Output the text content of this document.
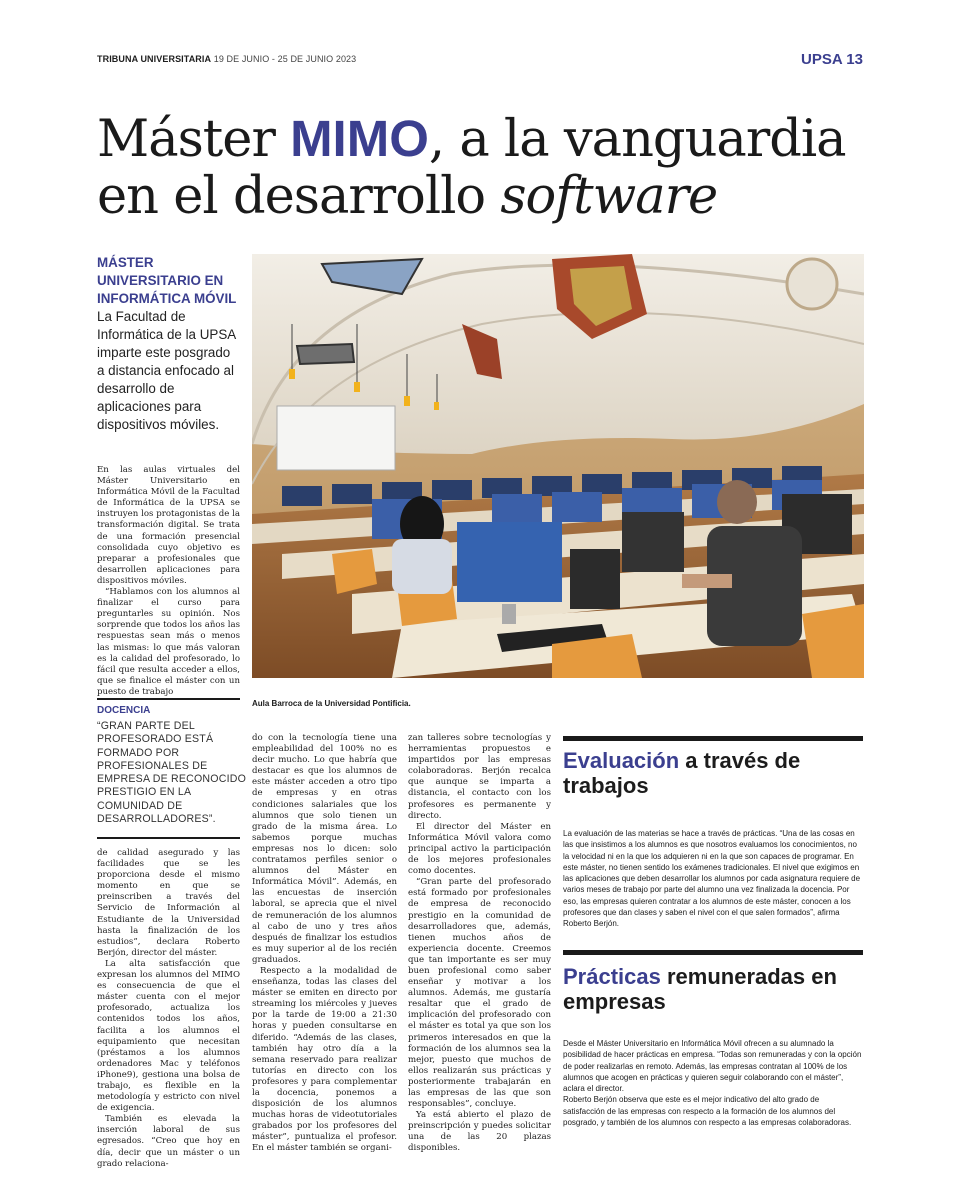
TRIBUNA UNIVERSITARIA 19 DE JUNIO - 25 DE JUNIO 2023	UPSA 13
Máster MIMO, a la vanguardia
en el desarrollo software
MÁSTER UNIVERSITARIO EN INFORMÁTICA MÓVIL La Facultad de Informática de la UPSA imparte este posgrado a distancia enfocado al desarrollo de aplicaciones para dispositivos móviles.

En las aulas virtuales del Máster Universitario en Informática Móvil de la Facultad de Informática de la UPSA se instruyen los protagonistas de la transformación digital. Se trata de una formación presencial consolidada cuyo objetivo es preparar a profesionales que desarrollen aplicaciones para dispositivos móviles.

“Hablamos con los alumnos al finalizar el curso para preguntarles su opinión. Nos sorprende que todos los años las respuestas sean más o menos las mismas: lo que más valoran es la calidad del profesorado, lo fácil que resulta acceder a ellos, que se finalice el máster con un puesto de trabajo

Aula Barroca de la Universidad Pontificia.
DOCENCIA
“GRAN PARTE DEL PROFESORADO ESTÁ FORMADO POR PROFESIONALES DE EMPRESA DE RECONOCIDO PRESTIGIO EN LA COMUNIDAD DE DESARROLLADORES”.

de calidad asegurado y las facilidades que se les proporciona desde el mismo momento en que se preinscriben a través del Servicio de Información al Estudiante de la Universidad hasta la finalización de los estudios”, declara Roberto Berjón, director del máster.

La alta satisfacción que expresan los alumnos del MIMO es consecuencia de que el máster cuenta con el mejor profesorado, actualiza los contenidos todos los años, facilita a los alumnos el equipamiento que necesitan (préstamos a los alumnos ordenadores Mac y teléfonos iPhone9), gestiona una bolsa de trabajo, es flexible en la metodología y estricto con nivel de exigencia.

También es elevada la inserción laboral de sus egresados. “Creo que hoy en día, decir que un máster o un grado relaciona-

do con la tecnología tiene una empleabilidad del 100% no es decir mucho. Lo que habría que destacar es que los alumnos de este máster acceden a otro tipo de empresas y en otras condiciones salariales que los alumnos que solo tienen un grado de la misma área. Lo sabemos porque muchas empresas nos lo dicen: solo contratamos perfiles senior o alumnos del Máster en Informática Móvil”. Además, en las encuestas de inserción laboral, se aprecia que el nivel de remuneración de los alumnos al cabo de uno y tres años después de finalizar los estudios es muy superior al de los recién graduados.

Respecto a la modalidad de enseñanza, todas las clases del máster se emiten en directo por streaming los miércoles y jueves por la tarde de 19:00 a 21:30 horas y pueden consultarse en diferido. “Además de las clases, también hay otro día a la semana reservado para realizar tutorías en directo con los profesores y para complementar la docencia, ponemos a disposición de los alumnos muchas horas de videotutoriales grabados por los profesores del máster”, puntualiza el profesor. En el máster también se organi-

zan talleres sobre tecnologías y herramientas propuestos e impartidos por las empresas colaboradoras. Berjón recalca que aunque se imparta a distancia, el contacto con los profesores es permanente y directo.

El director del Máster en Informática Móvil valora como principal activo la participación de los mejores profesionales como docentes.

“Gran parte del profesorado está formado por profesionales de empresa de reconocido prestigio en la comunidad de desarrolladores que, además, tienen muchos años de experiencia docente. Creemos que tan importante es ser muy buen profesional como saber enseñar y motivar a los alumnos. Además, me gustaría resaltar que el grado de implicación del profesorado con el máster es total ya que son los primeros interesados en que la formación de los alumnos sea la mejor, puesto que muchos de ellos realizarán sus prácticas y posteriormente trabajarán en las empresas de las que son responsables”, concluye.

Ya está abierto el plazo de preinscripción y puedes solicitar una de las 20 plazas disponibles.

Evaluación a través de trabajos
La evaluación de las materias se hace a través de prácticas. “Una de las cosas en las que insistimos a los alumnos es que nosotros evaluamos los conocimientos, no la velocidad ni en la que los adquieren ni en la que son capaces de programar. En este máster, no tienen sentido los exámenes tradicionales. El nivel que exigimos en las aplicaciones que deben desarrollar los alumnos por cada asignatura requiere de varios meses de trabajo por parte del alumno una vez finalizada la docencia. Por eso, las empresas quieren contratar a los alumnos de este máster, conocen a los profesores que dan clases y saben el nivel con el que salen formados”, afirma Roberto Berjón.
Prácticas remuneradas en empresas
Desde el Máster Universitario en Informática Móvil ofrecen a su alumnado la posibilidad de hacer prácticas en empresa. “Todas son remuneradas y con la opción de poder realizarlas en remoto. Además, las empresas contratan al 100% de los alumnos que acogen en prácticas y quieren seguir colaborando con el máster”, aclara el director.
Roberto Berjón observa que este es el mejor indicativo del alto grado de satisfacción de las empresas con respecto a la formación de los alumnos del posgrado, y también de los alumnos con respecto a las empresas colaboradoras.
